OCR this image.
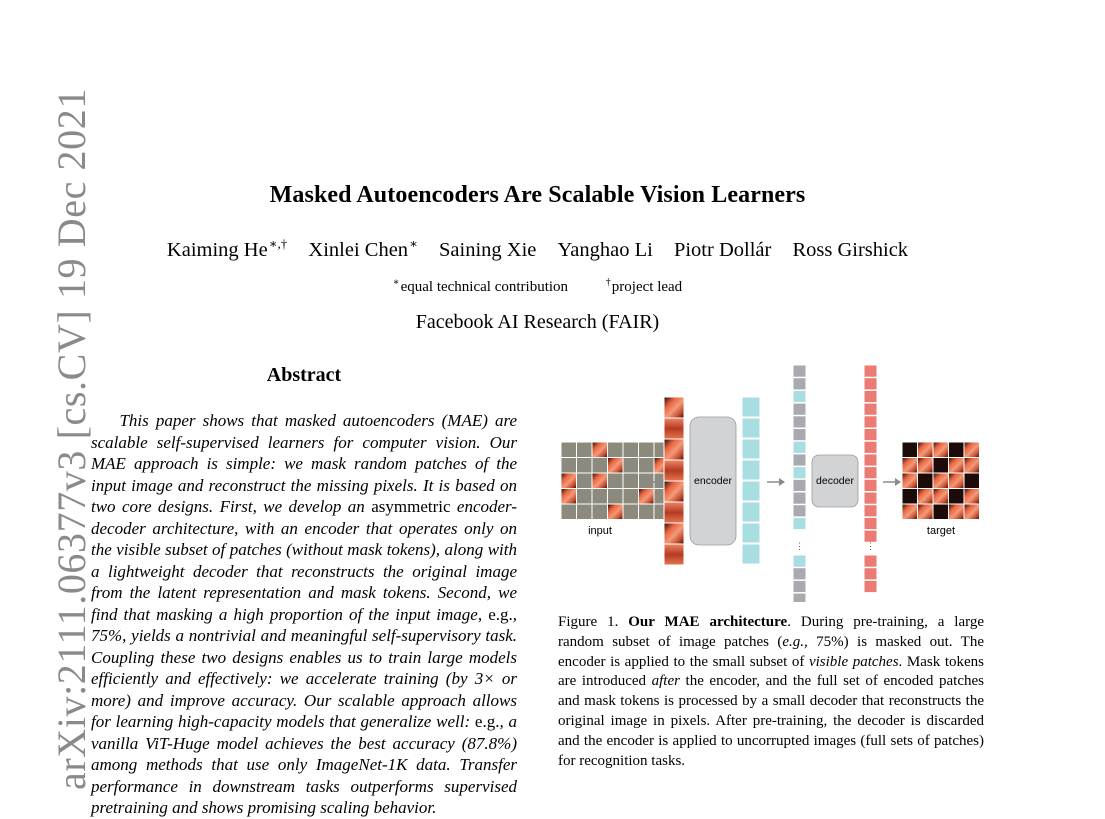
Masked Autoencoders Are Scalable Vision Learners
Kaiming He∗,† Xinlei Chen∗ Saining Xie Yanghao Li Piotr Dollár Ross Girshick
∗equal technical contribution	†project lead
Facebook AI Research (FAIR)
arXiv:2111.06377v3 [cs.CV] 19 Dec 2021	Abstract
This paper shows that masked autoencoders (MAE) are scalable self-supervised learners for computer vision. Our MAE approach is simple: we mask random patches of the input image and reconstruct the missing pixels. It is based on two core designs. First, we develop an asymmetric encoder-decoder architecture, with an encoder that operates only on the visible subset of patches (without mask tokens), along with a lightweight decoder that reconstructs the original image from the latent representation and mask tokens. Second, we find that masking a high proportion of the input image, e.g., 75%, yields a nontrivial and meaningful self-supervisory task. Coupling these two designs enables us to train large models efficiently and effectively: we accelerate training (by 3× or more) and improve accuracy. Our scalable approach allows for learning high-capacity models that generalize well: e.g., a vanilla ViT-Huge model achieves the best accuracy (87.8%) among methods that use only ImageNet-1K data. Transfer performance in downstream tasks outperforms supervised pretraining and shows promising scaling behavior.
input
encoder
⋮
decoder
⋮
target
Figure 1. Our MAE architecture. During pre-training, a large random subset of image patches (e.g., 75%) is masked out. The encoder is applied to the small subset of visible patches. Mask tokens are introduced after the encoder, and the full set of encoded patches and mask tokens is processed by a small decoder that reconstructs the original image in pixels. After pre-training, the decoder is discarded and the encoder is applied to uncorrupted images (full sets of patches) for recognition tasks.
